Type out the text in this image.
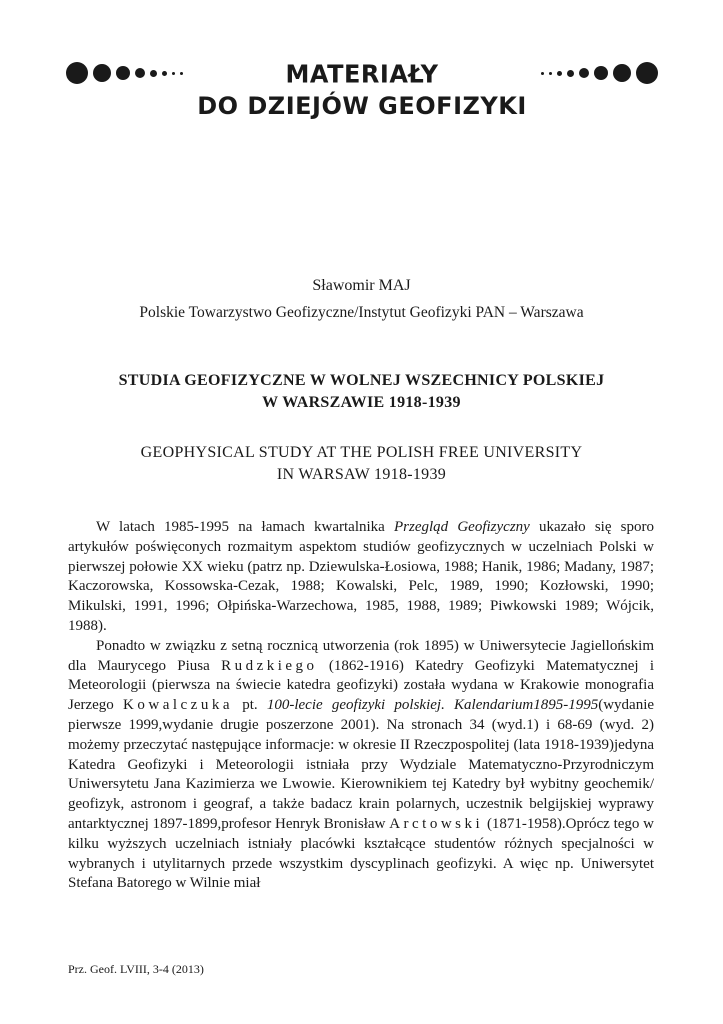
MATERIAŁY
DO DZIEJÓW GEOFIZYKI
Sławomir MAJ
Polskie Towarzystwo Geofizyczne/Instytut Geofizyki PAN – Warszawa
STUDIA GEOFIZYCZNE W WOLNEJ WSZECHNICY POLSKIEJ
W WARSZAWIE 1918-1939
GEOPHYSICAL STUDY AT THE POLISH FREE UNIVERSITY
IN WARSAW 1918-1939

W latach 1985-1995 na łamach kwartalnika Przegląd Geofizyczny ukazało się sporo artykułów poświęconych rozmaitym aspektom studiów geofizycznych w uczelniach Polski w pierwszej połowie XX wieku (patrz np. Dziewulska-Łosiowa, 1988; Hanik, 1986; Madany, 1987; Kaczorowska, Kossowska-Cezak, 1988; Kowalski, Pelc, 1989, 1990; Kozłowski, 1990; Mikulski, 1991, 1996; Ołpińska-Warzechowa, 1985, 1988, 1989; Piwkowski 1989; Wójcik, 1988).

Ponadto w związku z setną rocznicą utworzenia (rok 1895) w Uniwersytecie Jagiellońskim dla Maurycego Piusa Rudzkiego (1862-1916) Katedry Geofizyki Matematycznej i Meteorologii (pierwsza na świecie katedra geofizyki) została wydana w Krakowie monografia Jerzego Kowalczuka pt. 100-lecie geofizyki polskiej. Kalendarium1895-1995(wydanie pierwsze 1999,wydanie drugie poszerzone 2001). Na stronach 34 (wyd.1) i 68-69 (wyd. 2) możemy przeczytać następujące informacje: w okresie II Rzeczpospolitej (lata 1918-1939)jedyna Katedra Geofizyki i Meteorologii istniała przy Wydziale Matematyczno-Przyrodniczym Uniwersytetu Jana Kazimierza we Lwowie. Kierownikiem tej Katedry był wybitny geochemik/ geofizyk, astronom i geograf, a także badacz krain polarnych, uczestnik belgijskiej wyprawy antarktycznej 1897-1899,profesor Henryk Bronisław Arctowski (1871-1958).Oprócz tego w kilku wyższych uczelniach istniały placówki kształcące studentów różnych specjalności w wybranych i utylitarnych przede wszystkim dyscyplinach geofizyki. A więc np. Uniwersytet Stefana Batorego w Wilnie miał

Prz. Geof. LVIII, 3-4 (2013)
